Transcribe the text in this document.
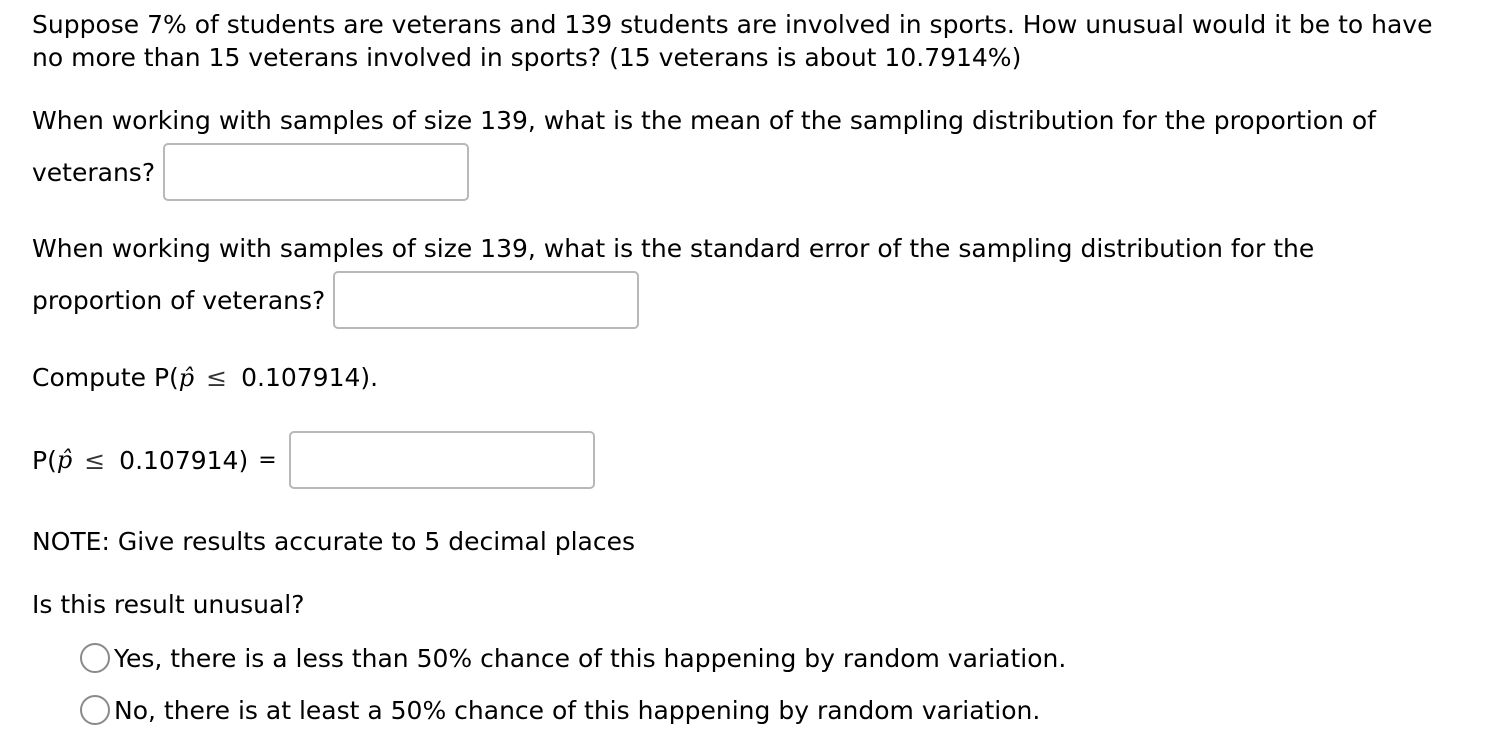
Suppose 7% of students are veterans and 139 students are involved in sports. How unusual would it be to have
no more than 15 veterans involved in sports? (15 veterans is about 10.7914%)

When working with samples of size 139, what is the mean of the sampling distribution for the proportion of
veterans?
When working with samples of size 139, what is the standard error of the sampling distribution for the
proportion of veterans?

Compute P(p̂ ≤ 0.107914).

P( p̂ ≤ 0.107914 ) =

NOTE: Give results accurate to 5 decimal places

Is this result unusual?

Yes, there is a less than 50% chance of this happening by random variation.
No, there is at least a 50% chance of this happening by random variation.
